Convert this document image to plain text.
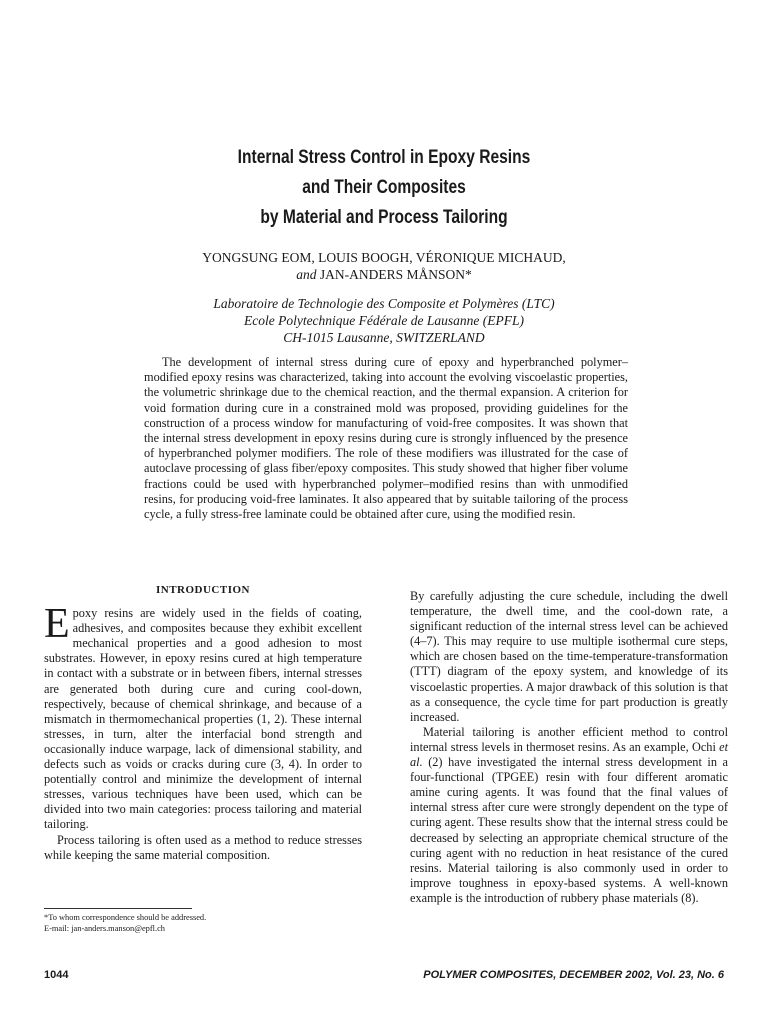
Internal Stress Control in Epoxy Resins
and Their Composites
by Material and Process Tailoring
YONGSUNG EOM, LOUIS BOOGH, VÉRONIQUE MICHAUD,
and JAN-ANDERS MÅNSON*
Laboratoire de Technologie des Composite et Polymères (LTC)
Ecole Polytechnique Fédérale de Lausanne (EPFL)
CH-1015 Lausanne, SWITZERLAND

The development of internal stress during cure of epoxy and hyperbranched polymer–modified epoxy resins was characterized, taking into account the evolving viscoelastic properties, the volumetric shrinkage due to the chemical reaction, and the thermal expansion. A criterion for void formation during cure in a constrained mold was proposed, providing guidelines for the construction of a process window for manufacturing of void-free composites. It was shown that the internal stress development in epoxy resins during cure is strongly influenced by the presence of hyperbranched polymer modifiers. The role of these modifiers was illustrated for the case of autoclave processing of glass fiber/epoxy composites. This study showed that higher fiber volume fractions could be used with hyperbranched polymer–modified resins than with unmodified resins, for producing void-free laminates. It also appeared that by suitable tailoring of the process cycle, a fully stress-free laminate could be obtained after cure, using the modified resin.

INTRODUCTION

Epoxy resins are widely used in the fields of coating, adhesives, and composites because they exhibit excellent mechanical properties and a good adhesion to most substrates. However, in epoxy resins cured at high temperature in contact with a substrate or in between fibers, internal stresses are generated both during cure and curing cool-down, respectively, because of chemical shrinkage, and because of a mismatch in thermomechanical properties (1, 2). These internal stresses, in turn, alter the interfacial bond strength and occasionally induce warpage, lack of dimensional stability, and defects such as voids or cracks during cure (3, 4). In order to potentially control and minimize the development of internal stresses, various techniques have been used, which can be divided into two main categories: process tailoring and material tailoring.

Process tailoring is often used as a method to reduce stresses while keeping the same material composition.

By carefully adjusting the cure schedule, including the dwell temperature, the dwell time, and the cool-down rate, a significant reduction of the internal stress level can be achieved (4–7). This may require to use multiple isothermal cure steps, which are chosen based on the time-temperature-transformation (TTT) diagram of the epoxy system, and knowledge of its viscoelastic properties. A major drawback of this solution is that as a consequence, the cycle time for part production is greatly increased.

Material tailoring is another efficient method to control internal stress levels in thermoset resins. As an example, Ochi et al. (2) have investigated the internal stress development in a four-functional (TPGEE) resin with four different aromatic amine curing agents. It was found that the final values of internal stress after cure were strongly dependent on the type of curing agent. These results show that the internal stress could be decreased by selecting an appropriate chemical structure of the curing agent with no reduction in heat resistance of the cured resins. Material tailoring is also commonly used in order to improve toughness in epoxy-based systems. A well-known example is the introduction of rubbery phase materials (8).

*To whom correspondence should be addressed.
E-mail: jan-anders.manson@epfl.ch
1044	POLYMER COMPOSITES, DECEMBER 2002, Vol. 23, No. 6
